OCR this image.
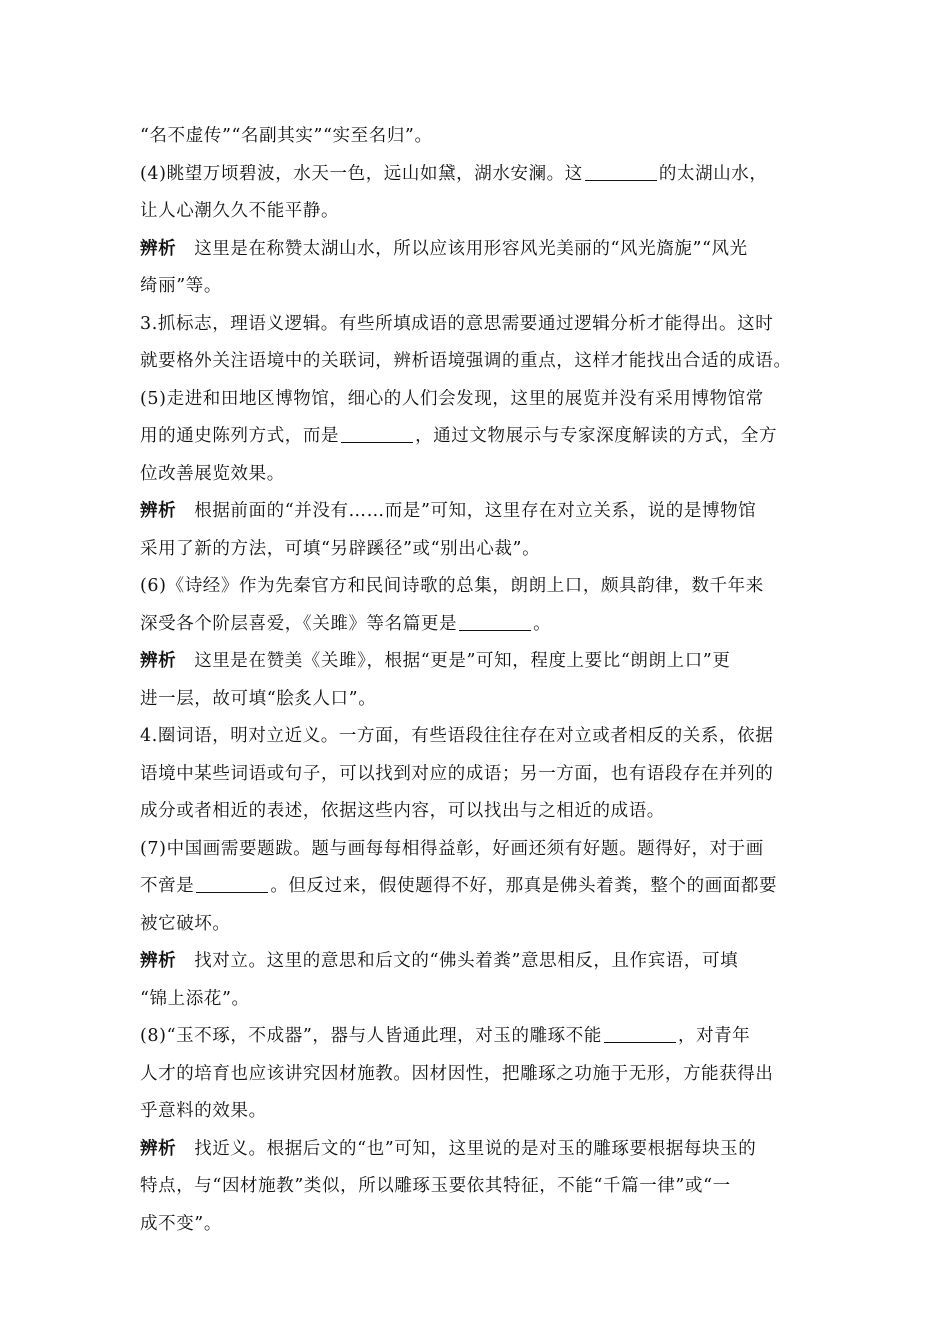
“名不虚传”“名副其实”“实至名归”。

(4)眺望万顷碧波，水天一色，远山如黛，湖水安澜。这	的太湖山水，
让人心潮久久不能平静。

辨析 这里是在称赞太湖山水，所以应该用形容风光美丽的“风光旖旎”“风光
绮丽”等。

3.抓标志，理语义逻辑。有些所填成语的意思需要通过逻辑分析才能得出。这时
就要格外关注语境中的关联词，辨析语境强调的重点，这样才能找出合适的成语。

(5)走进和田地区博物馆，细心的人们会发现，这里的展览并没有采用博物馆常
用的通史陈列方式，而是	，通过文物展示与专家深度解读的方式，全方
位改善展览效果。

辨析 根据前面的“并没有……而是”可知，这里存在对立关系，说的是博物馆
采用了新的方法，可填“另辟蹊径”或“别出心裁”。

(6)《诗经》作为先秦官方和民间诗歌的总集，朗朗上口，颇具韵律，数千年来
深受各个阶层喜爱，《关雎》等名篇更是	。

辨析 这里是在赞美《关雎》，根据“更是”可知，程度上要比“朗朗上口”更
进一层，故可填“脍炙人口”。

4.圈词语，明对立近义。一方面，有些语段往往存在对立或者相反的关系，依据
语境中某些词语或句子，可以找到对应的成语；另一方面，也有语段存在并列的
成分或者相近的表述，依据这些内容，可以找出与之相近的成语。

(7)中国画需要题跋。题与画每每相得益彰，好画还须有好题。题得好，对于画
不啻是	。但反过来，假使题得不好，那真是佛头着粪，整个的画面都要
被它破坏。

辨析 找对立。这里的意思和后文的“佛头着粪”意思相反，且作宾语，可填
“锦上添花”。

(8)“玉不琢，不成器”，器与人皆通此理，对玉的雕琢不能	，对青年
人才的培育也应该讲究因材施教。因材因性，把雕琢之功施于无形，方能获得出
乎意料的效果。

辨析 找近义。根据后文的“也”可知，这里说的是对玉的雕琢要根据每块玉的
特点，与“因材施教”类似，所以雕琢玉要依其特征，不能“千篇一律”或“一
成不变”。
